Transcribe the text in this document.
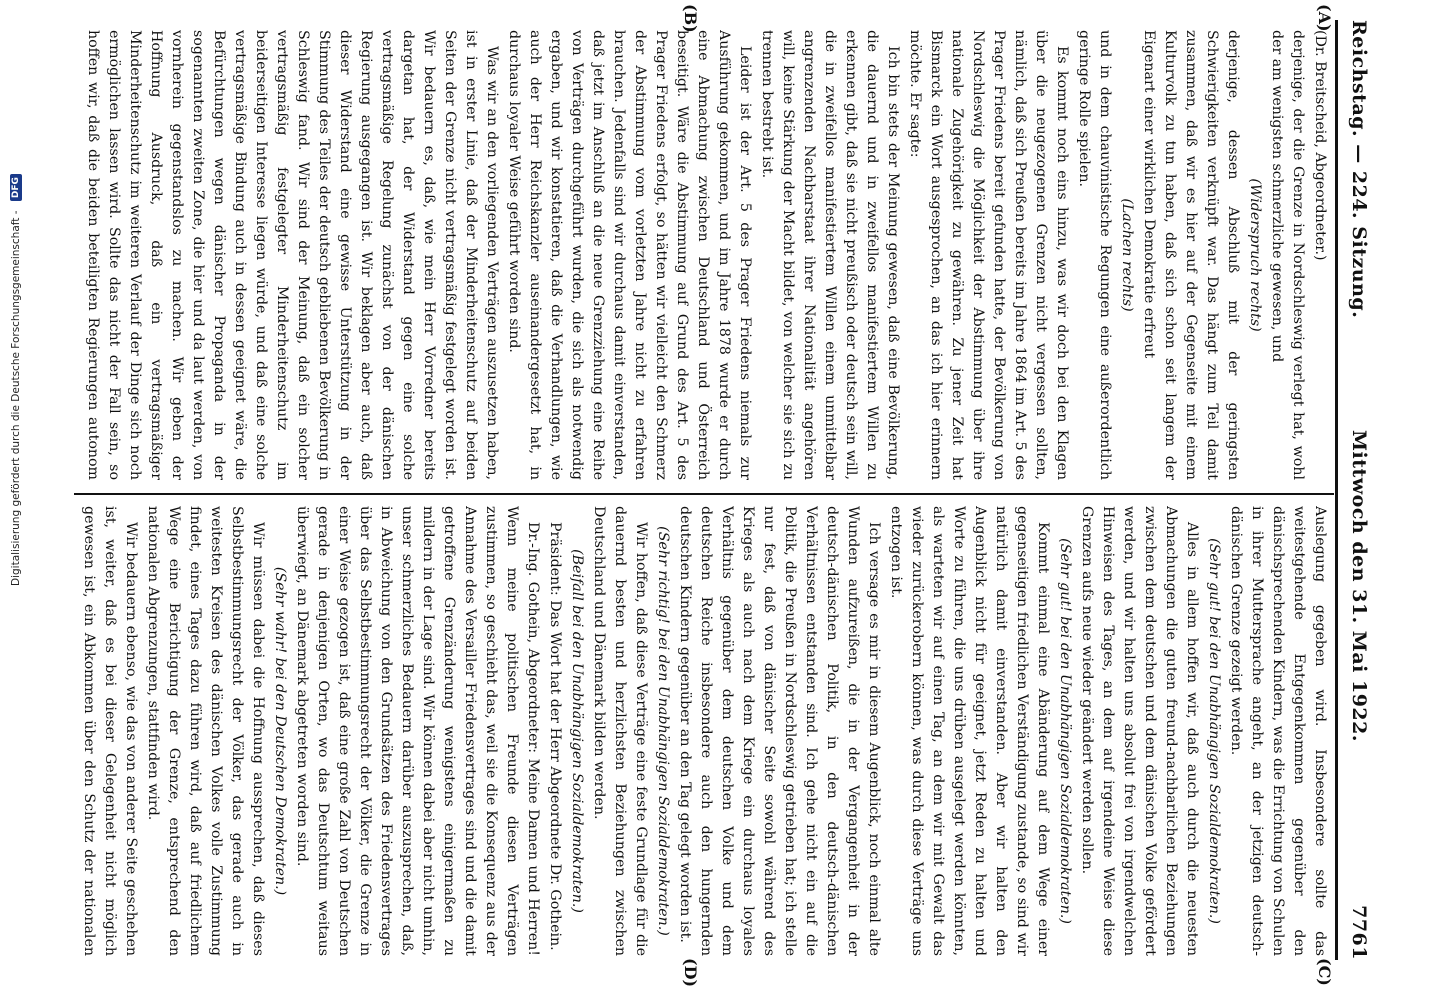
Reichstag. — 224. Sitzung.
Mittwoch den 31. Mai 1922.
7761
(A)
(B)
(C)
(D)

(Dr. Breitscheid, Abgeordneter.)

derjenige, der die Grenze in Nordschleswig verlegt hat, wohl der am wenigsten schmerzliche gewesen, und

(Widerspruch rechts)

derjenige, dessen Abschluß mit der geringsten Schwierigkeiten verknüpft war. Das hängt zum Teil damit zusammen, daß wir es hier auf der Gegenseite mit einem Kulturvolk zu tun haben, daß sich schon seit langem der Eigenart einer wirklichen Demokratie erfreut

(Lachen rechts)

und in dem chauvinistische Regungen eine außerordentlich geringe Rolle spielen.

Es kommt noch eins hinzu, was wir doch bei den Klagen über die neugezogenen Grenzen nicht vergessen sollten, nämlich, daß sich Preußen bereits im Jahre 1864 im Art. 5 des Prager Friedens bereit gefunden hatte, der Bevölkerung von Nordschleswig die Möglichkeit der Abstimmung über ihre nationale Zugehörigkeit zu gewähren. Zu jener Zeit hat Bismarck ein Wort ausgesprochen, an das ich hier erinnern möchte. Er sagte:

Ich bin stets der Meinung gewesen, daß eine Bevölkerung, die dauernd und in zweifellos manifestiertem Willen zu erkennen gibt, daß sie nicht preußisch oder deutsch sein will, die in zweifellos manifestiertem Willen einem unmittelbar angrenzenden Nachbarstaat ihrer Nationalität angehören will, keine Stärkung der Macht bildet, von welcher sie sich zu trennen bestrebt ist.

Leider ist der Art. 5 des Prager Friedens niemals zur Ausführung gekommen, und im Jahre 1878 wurde er durch eine Abmachung zwischen Deutschland und Österreich beseitigt. Wäre die Abstimmung auf Grund des Art. 5 des Prager Friedens erfolgt, so hätten wir vielleicht den Schmerz der Abstimmung vom vorletzten Jahre nicht zu erfahren brauchen. Jedenfalls sind wir durchaus damit einverstanden, daß jetzt im Anschluß an die neue Grenzziehung eine Reihe von Verträgen durchgeführt wurden, die sich als notwendig ergaben, und wir konstatieren, daß die Verhandlungen, wie auch der Herr Reichskanzler auseinandergesetzt hat, in durchaus loyaler Weise geführt worden sind.

Was wir an den vorliegenden Verträgen auszusetzen haben, ist in erster Linie, daß der Minderheitenschutz auf beiden Seiten der Grenze nicht vertragsmäßig festgelegt worden ist. Wir bedauern es, daß, wie mein Herr Vorredner bereits dargetan hat, der Widerstand gegen eine solche vertragsmäßige Regelung zunächst von der dänischen Regierung ausgegangen ist. Wir beklagen aber auch, daß dieser Widerstand eine gewisse Unterstützung in der Stimmung des Teiles der deutsch gebliebenen Bevölkerung in Schleswig fand. Wir sind der Meinung, daß ein solcher vertragsmäßig festgelegter Minderheitenschutz im beiderseitigen Interesse liegen würde, und daß eine solche vertragsmäßige Bindung auch in dessen geeignet wäre, die Befürchtungen wegen dänischer Propaganda in der sogenannten zweiten Zone, die hier und da laut werden, von vornherein gegenstandslos zu machen. Wir geben der Hoffnung Ausdruck, daß ein vertragsmäßiger Minderheitenschutz im weiteren Verlauf der Dinge sich noch ermöglichen lassen wird. Sollte das nicht der Fall sein, so hoffen wir, daß die beiden beteiligten Regierungen autonom

Auslegung gegeben wird. Insbesondere sollte das weitestgehende Entgegenkommen gegenüber den dänischsprechenden Kindern, was die Errichtung von Schulen in ihrer Muttersprache angeht, an der jetzigen deutsch-dänischen Grenze gezeigt werden.

(Sehr gut! bei den Unabhängigen Sozialdemokraten.)

Alles in allem hoffen wir, daß auch durch die neuesten Abmachungen die guten freund-nachbarlichen Beziehungen zwischen dem deutschen und dem dänischen Volke gefördert werden, und wir halten uns absolut frei von irgendwelchen Hinweisen des Tages, an dem auf irgendeine Weise diese Grenzen aufs neue wieder geändert werden sollen.

(Sehr gut! bei den Unabhängigen Sozialdemokraten.)

Kommt einmal eine Abänderung auf dem Wege einer gegenseitigen friedlichen Verständigung zustande, so sind wir natürlich damit einverstanden. Aber wir halten den Augenblick nicht für geeignet, jetzt Reden zu halten und Worte zu führen, die uns drüben ausgelegt werden könnten, als warteten wir auf einen Tag, an dem wir mit Gewalt das wieder zurückerobern können, was durch diese Verträge uns entzogen ist.

Ich versage es mir in diesem Augenblick, noch einmal alte Wunden aufzureißen, die in der Vergangenheit in der deutsch-dänischen Politik, in den deutsch-dänischen Verhältnissen entstanden sind. Ich gehe nicht ein auf die Politik, die Preußen in Nordschleswig getrieben hat; ich stelle nur fest, daß von dänischer Seite sowohl während des Krieges als auch nach dem Kriege ein durchaus loyales Verhältnis gegenüber dem deutschen Volke und dem deutschen Reiche insbesondere auch den hungernden deutschen Kindern gegenüber an den Tag gelegt worden ist.

(Sehr richtig! bei den Unabhängigen Sozialdemokraten.)

Wir hoffen, daß diese Verträge eine feste Grundlage für die dauernd besten und herzlichsten Beziehungen zwischen Deutschland und Dänemark bilden werden.

(Beifall bei den Unabhängigen Sozialdemokraten.)

Präsident: Das Wort hat der Herr Abgeordnete Dr. Gothein.

Dr.-Ing. Gothein, Abgeordneter: Meine Damen und Herren! Wenn meine politischen Freunde diesen Verträgen zustimmen, so geschieht das, weil sie die Konsequenz aus der Annahme des Versailler Friedensvertrages sind und die damit getroffene Grenzänderung wenigstens einigermaßen zu mildern in der Lage sind. Wir können dabei aber nicht umhin, unser schmerzliches Bedauern darüber auszusprechen, daß, in Abweichung von den Grundsätzen des Friedensvertrages über das Selbstbestimmungsrecht der Völker, die Grenze in einer Weise gezogen ist, daß eine große Zahl von Deutschen gerade in denjenigen Orten, wo das Deutschtum weitaus überwiegt, an Dänemark abgetreten worden sind.

(Sehr wahr! bei den Deutschen Demokraten.)

Wir müssen dabei die Hoffnung aussprechen, daß dieses Selbstbestimmungsrecht der Völker, das gerade auch in weitesten Kreisen des dänischen Volkes volle Zustimmung findet, eines Tages dazu führen wird, daß auf friedlichem Wege eine Berichtigung der Grenze, entsprechend den nationalen Abgrenzungen, stattfinden wird.

Wir bedauern ebenso, wie das von anderer Seite geschehen ist, weiter, daß es bei dieser Gelegenheit nicht möglich gewesen ist, ein Abkommen über den Schutz der nationalen

Digitalisierung gefördert durch die Deutsche Forschungsgemeinschaft - DFG
